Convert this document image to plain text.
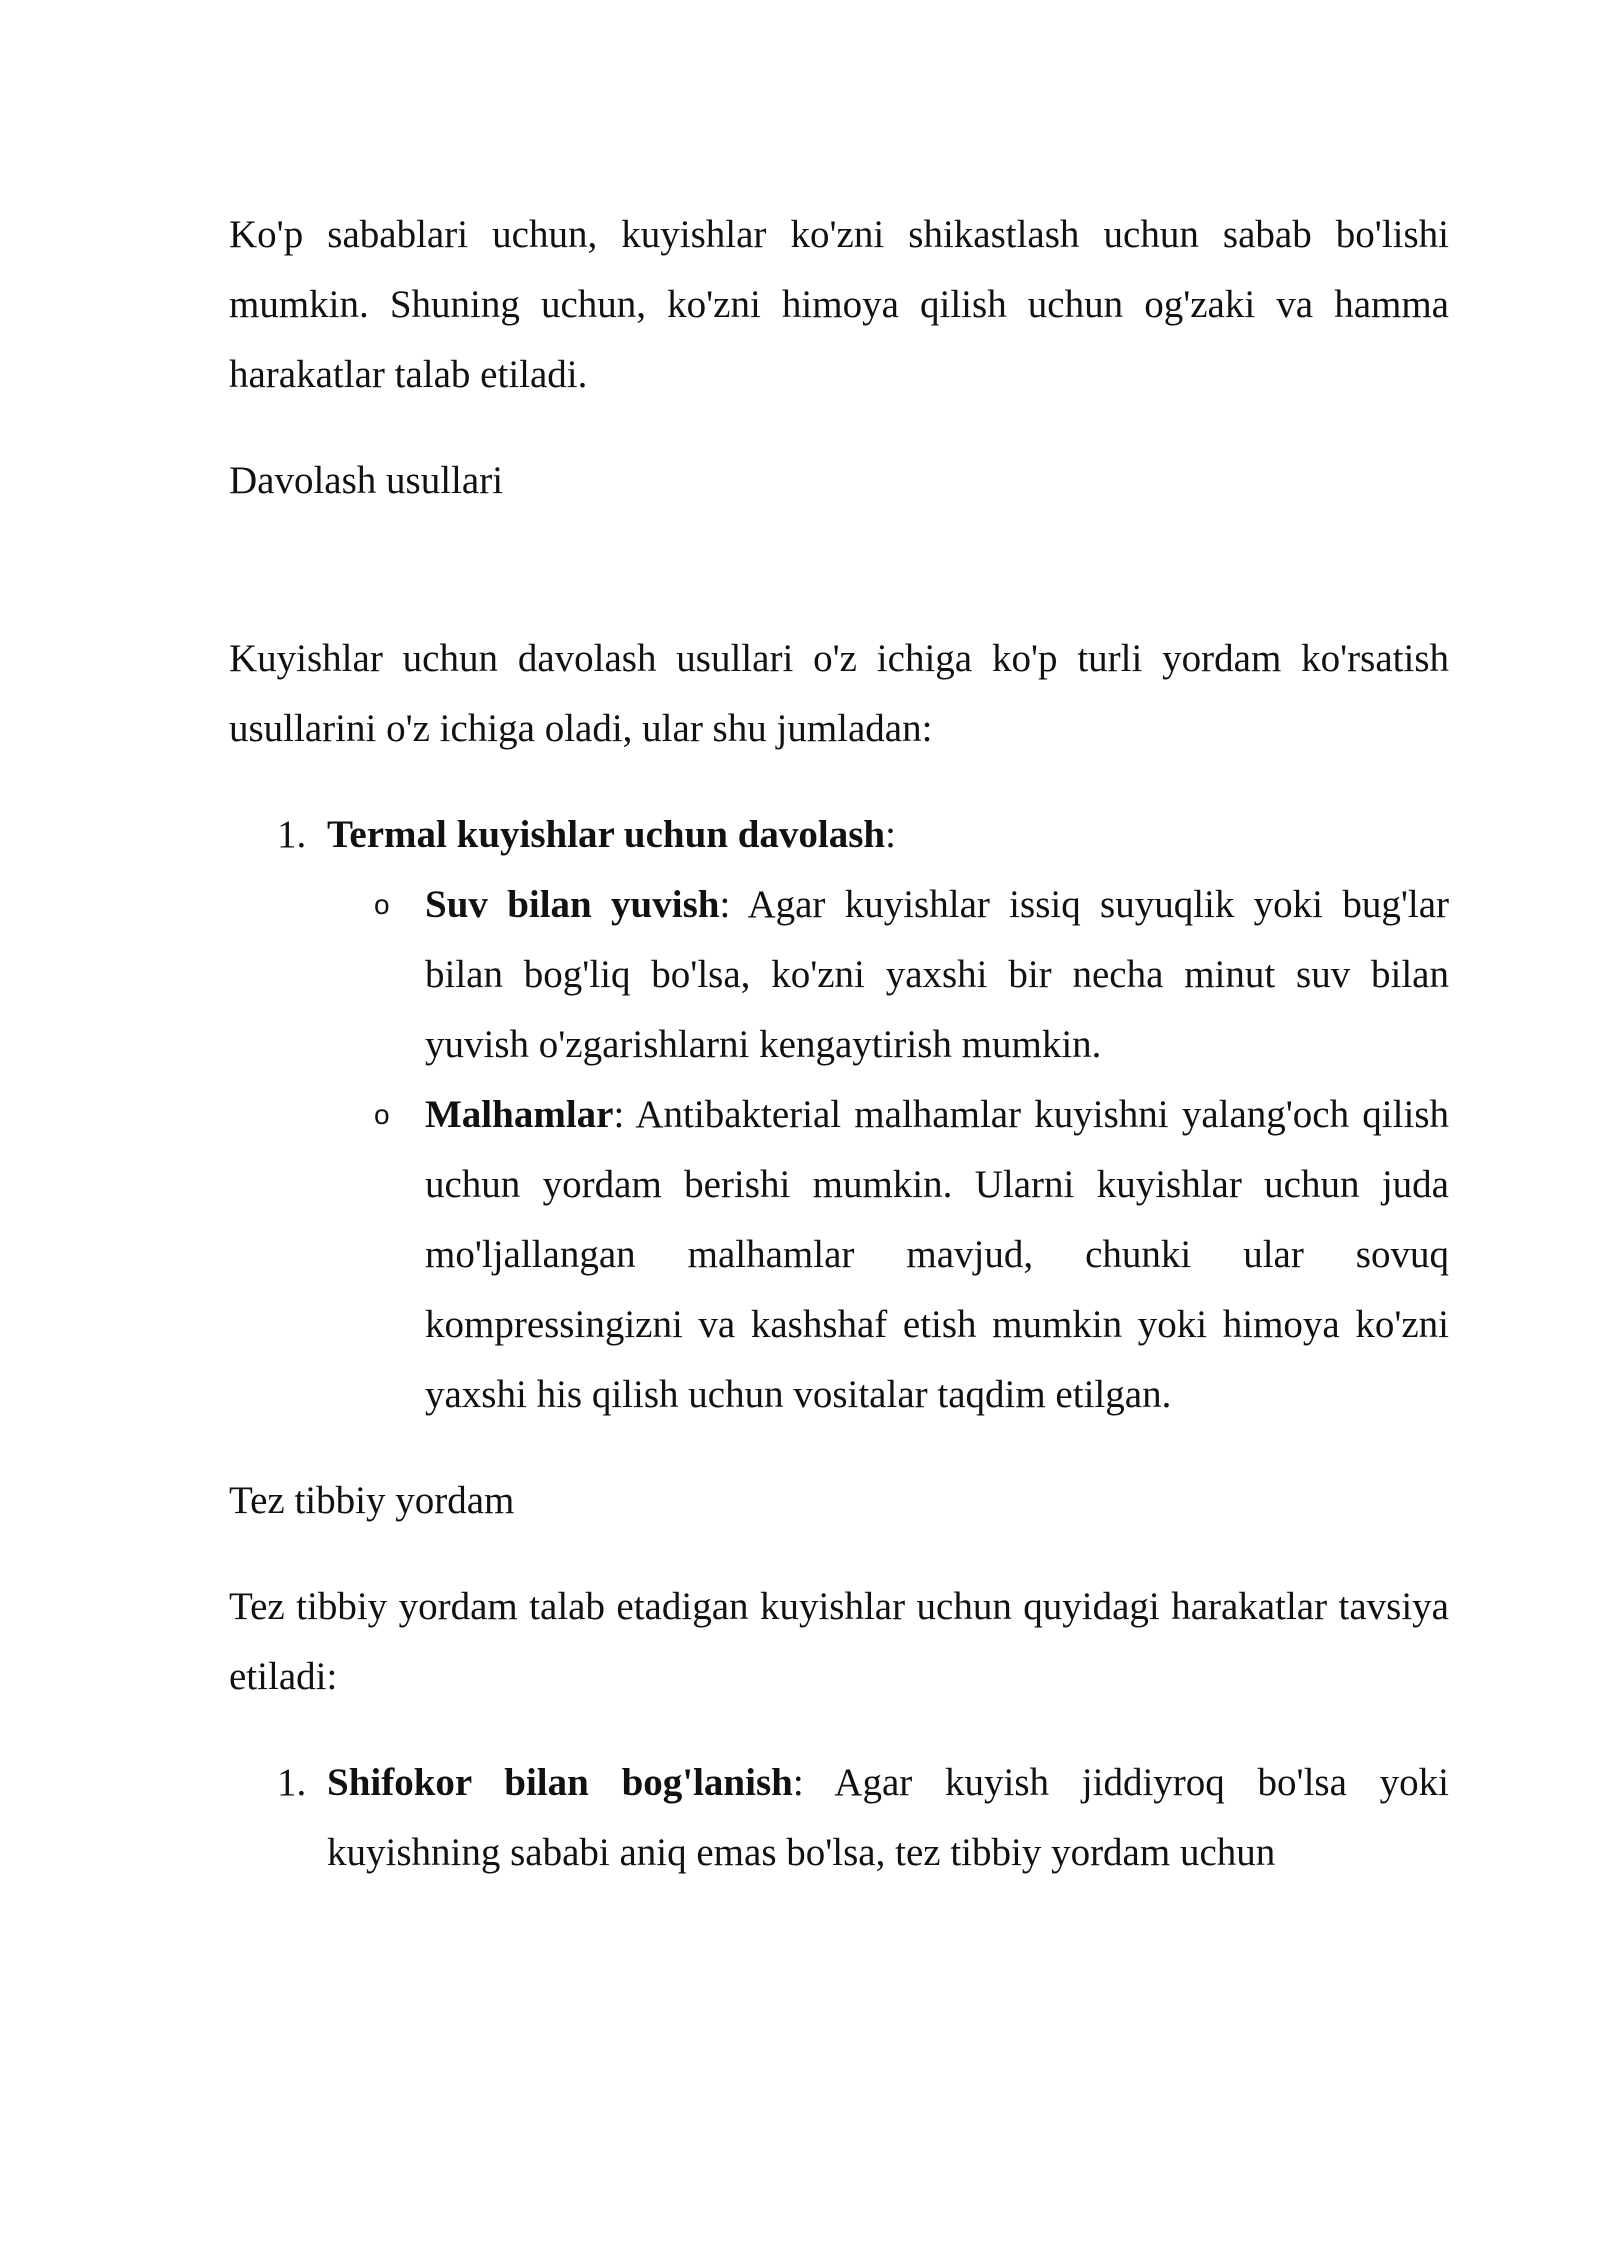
Ko'p sabablari uchun, kuyishlar ko'zni shikastlash uchun sabab bo'lishi mumkin. Shuning uchun, ko'zni himoya qilish uchun og'zaki va hamma harakatlar talab etiladi.

Davolash usullari

Kuyishlar uchun davolash usullari o'z ichiga ko'p turli yordam ko'rsatish usullarini o'z ichiga oladi, ular shu jumladan:

1. Termal kuyishlar uchun davolash:
o Suv bilan yuvish: Agar kuyishlar issiq suyuqlik yoki bug'lar bilan bog'liq bo'lsa, ko'zni yaxshi bir necha minut suv bilan yuvish o'zgarishlarni kengaytirish mumkin.
o Malhamlar: Antibakterial malhamlar kuyishni yalang'och qilish uchun yordam berishi mumkin. Ularni kuyishlar uchun juda mo'ljallangan malhamlar mavjud, chunki ular sovuq kompressingizni va kashshaf etish mumkin yoki himoya ko'zni yaxshi his qilish uchun vositalar taqdim etilgan.

Tez tibbiy yordam

Tez tibbiy yordam talab etadigan kuyishlar uchun quyidagi harakatlar tavsiya etiladi:

1. Shifokor bilan bog'lanish: Agar kuyish jiddiyroq bo'lsa yoki kuyishning sababi aniq emas bo'lsa, tez tibbiy yordam uchun
